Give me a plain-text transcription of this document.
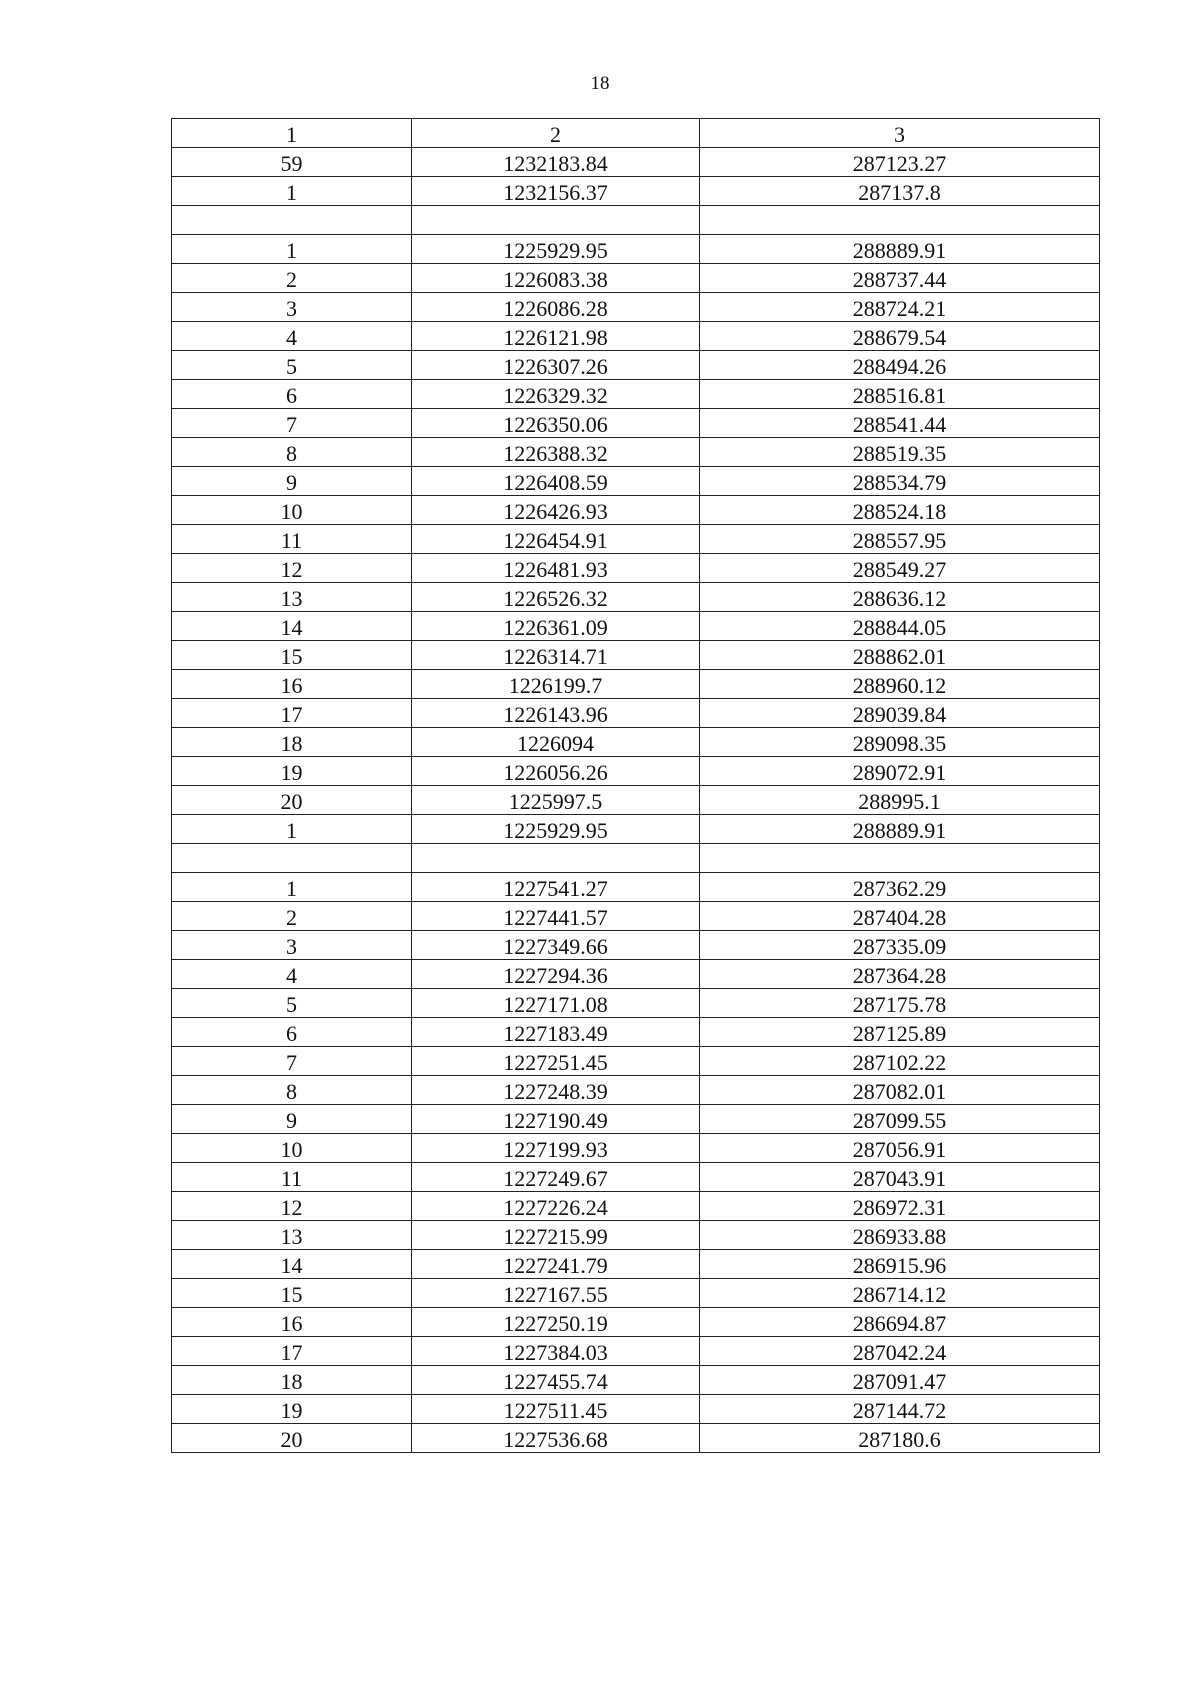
18
1	2	3
59	1232183.84	287123.27
1	1232156.37	287137.8

1	1225929.95	288889.91
2	1226083.38	288737.44
3	1226086.28	288724.21
4	1226121.98	288679.54
5	1226307.26	288494.26
6	1226329.32	288516.81
7	1226350.06	288541.44
8	1226388.32	288519.35
9	1226408.59	288534.79
10	1226426.93	288524.18
11	1226454.91	288557.95
12	1226481.93	288549.27
13	1226526.32	288636.12
14	1226361.09	288844.05
15	1226314.71	288862.01
16	1226199.7	288960.12
17	1226143.96	289039.84
18	1226094	289098.35
19	1226056.26	289072.91
20	1225997.5	288995.1
1	1225929.95	288889.91

1	1227541.27	287362.29
2	1227441.57	287404.28
3	1227349.66	287335.09
4	1227294.36	287364.28
5	1227171.08	287175.78
6	1227183.49	287125.89
7	1227251.45	287102.22
8	1227248.39	287082.01
9	1227190.49	287099.55
10	1227199.93	287056.91
11	1227249.67	287043.91
12	1227226.24	286972.31
13	1227215.99	286933.88
14	1227241.79	286915.96
15	1227167.55	286714.12
16	1227250.19	286694.87
17	1227384.03	287042.24
18	1227455.74	287091.47
19	1227511.45	287144.72
20	1227536.68	287180.6
